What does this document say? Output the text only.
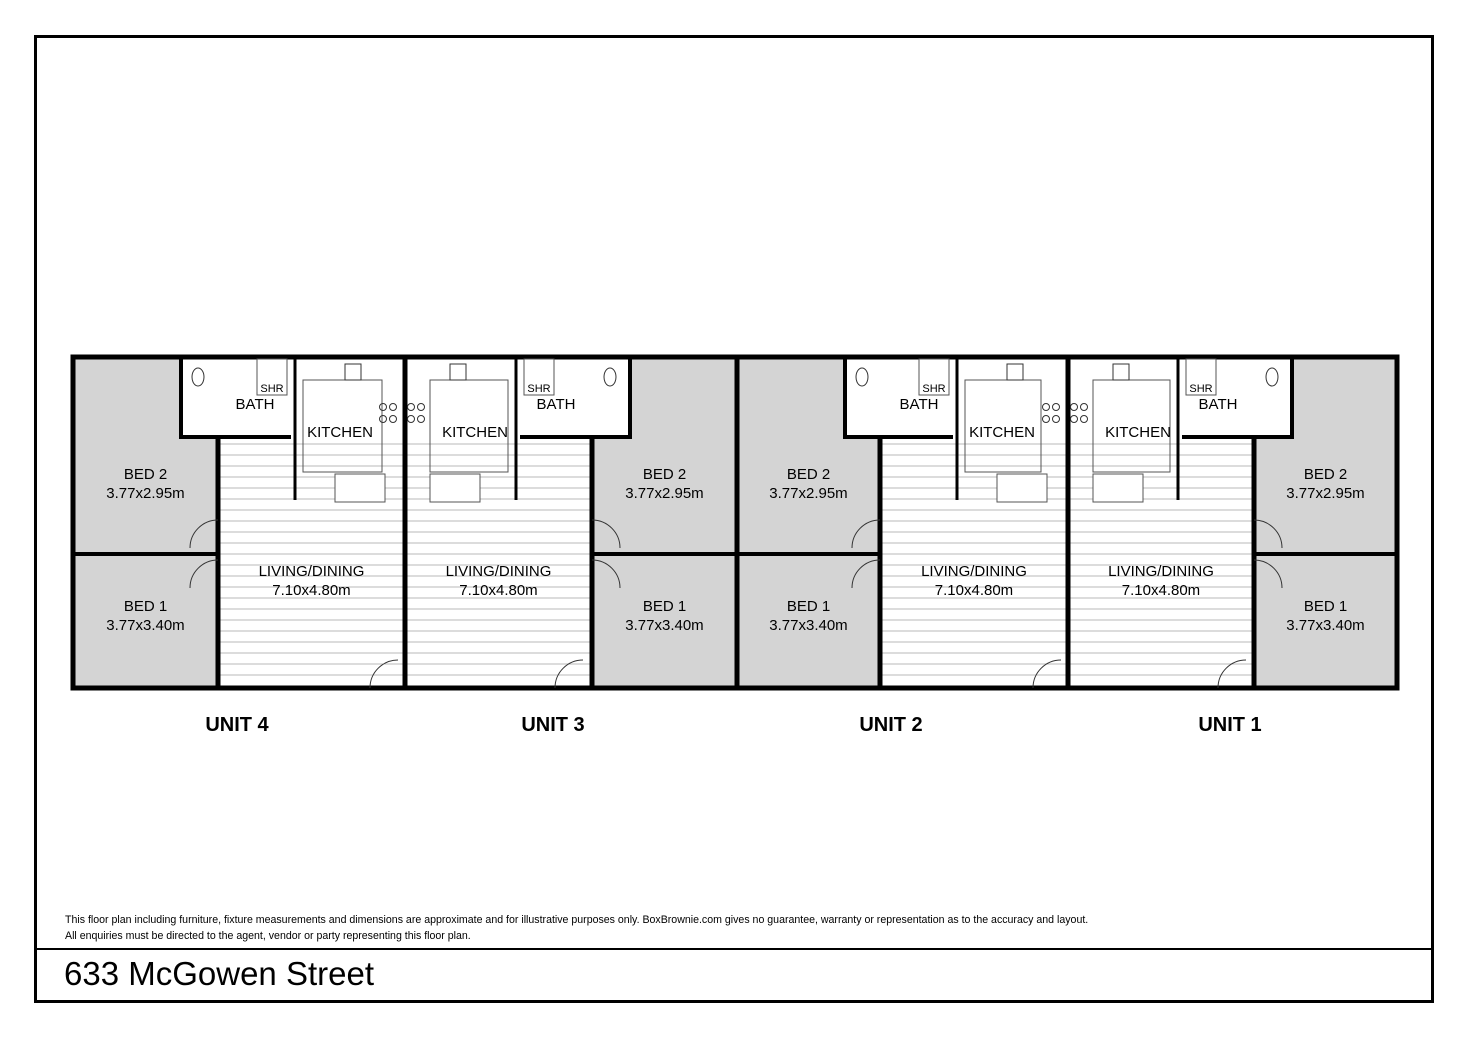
BED 2
3.77x2.95m
BED 1
3.77x3.40m
LIVING/DINING
7.10x4.80m
BATH
SHR
KITCHEN
UNIT 4
BED 2
3.77x2.95m
BED 1
3.77x3.40m
LIVING/DINING
7.10x4.80m
BATH
SHR
KITCHEN
UNIT 3
BED 2
3.77x2.95m
BED 1
3.77x3.40m
LIVING/DINING
7.10x4.80m
BATH
SHR
KITCHEN
UNIT 2
BED 2
3.77x2.95m
BED 1
3.77x3.40m
LIVING/DINING
7.10x4.80m
BATH
SHR
KITCHEN
UNIT 1
This floor plan including furniture, fixture measurements and dimensions are approximate and for illustrative purposes only. BoxBrownie.com gives no guarantee, warranty or representation as to the accuracy and layout.
All enquiries must be directed to the agent, vendor or party representing this floor plan.
633 McGowen Street
